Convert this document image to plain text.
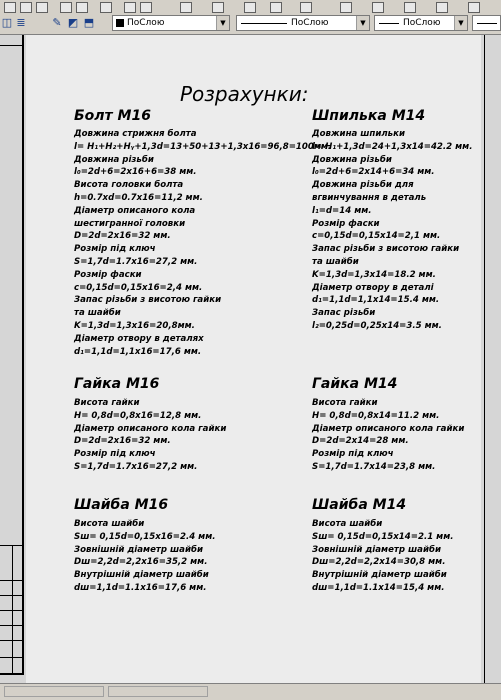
◫ ≣ ✎ ◩ ⬒	ПоСлою	▼	ПоСлою	▼	ПоСлою	▼
Розрахунки:
Болт М16
Довжина стрижня болта
l= H₁+H₂+Hᵧ+1,3d=13+50+13+1,3x16=96,8=100мм.
Довжина різьби
l₀=2d+6=2x16+6=38 мм.
Висота головки болта
h=0.7xd=0.7x16=11,2 мм.
Діаметр описаного кола
шестигранної головки
D=2d=2x16=32 мм.
Розмір під ключ
S=1,7d=1.7x16=27,2 мм.
Розмір фаски
c=0,15d=0,15x16=2,4 мм.
Запас різьби з висотою гайки
та шайби
K=1,3d=1,3x16=20,8мм.
Діаметр отвору в деталях
d₁=1,1d=1,1x16=17,6 мм.
Шпилька М14
Довжина шпильки
l= H₁+1,3d=24+1,3x14=42.2 мм.
Довжина різьби
l₀=2d+6=2x14+6=34 мм.
Довжина різьби для
вгвинчування в деталь
l₁=d=14 мм.
Розмір фаски
c=0,15d=0,15x14=2,1 мм.
Запас різьби з висотою гайки
та шайби
K=1,3d=1,3x14=18.2 мм.
Діаметр отвору в деталі
d₁=1,1d=1,1x14=15.4 мм.
Запас різьби
l₂=0,25d=0,25x14=3.5 мм.
Гайка М16
Висота гайки
H= 0,8d=0,8x16=12,8 мм.
Діаметр описаного кола гайки
D=2d=2x16=32 мм.
Розмір під ключ
S=1,7d=1.7x16=27,2 мм.
Гайка М14
Висота гайки
H= 0,8d=0,8x14=11.2 мм.
Діаметр описаного кола гайки
D=2d=2x14=28 мм.
Розмір під ключ
S=1,7d=1.7x14=23,8 мм.
Шайба М16
Висота шайби
Sш= 0,15d=0,15x16=2.4 мм.
Зовнішній діаметр шайби
Dш=2,2d=2,2x16=35,2 мм.
Внутрішній діаметр шайби
dш=1,1d=1.1x16=17,6 мм.
Шайба М14
Висота шайби
Sш= 0,15d=0,15x14=2.1 мм.
Зовнішній діаметр шайби
Dш=2,2d=2,2x14=30,8 мм.
Внутрішній діаметр шайби
dш=1,1d=1.1x14=15,4 мм.
